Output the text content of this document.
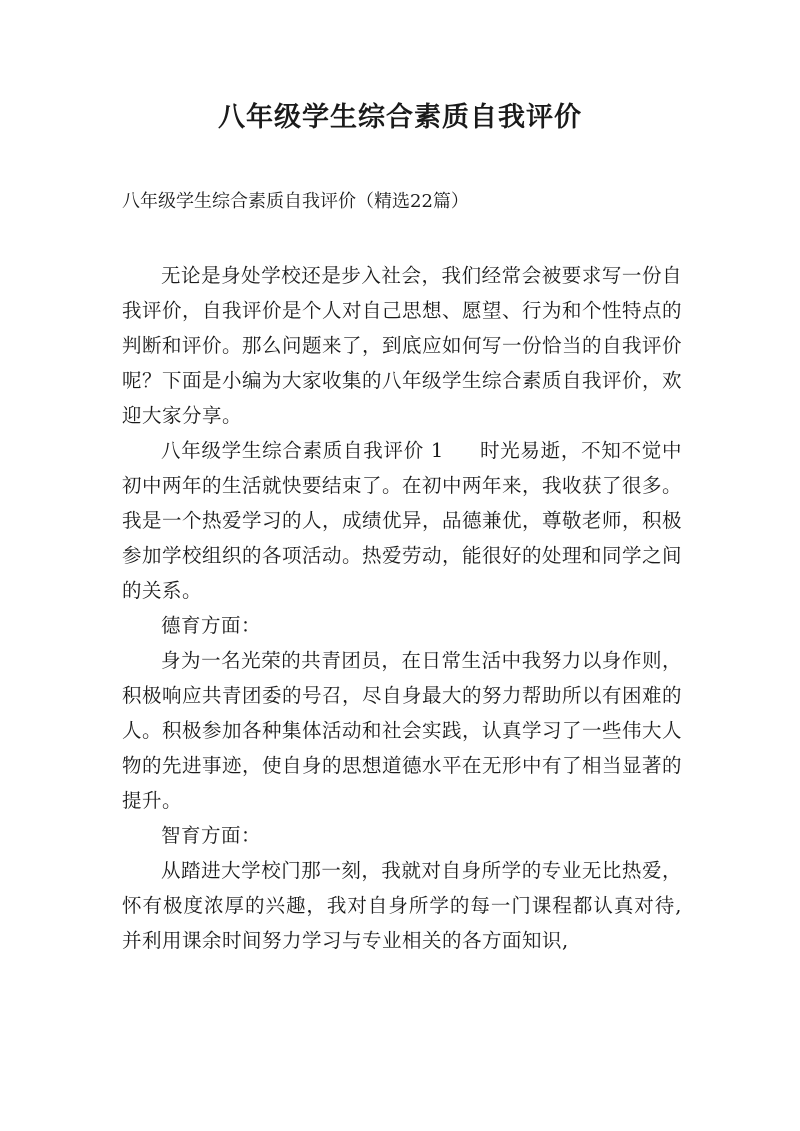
八年级学生综合素质自我评价

八年级学生综合素质自我评价（精选22篇）

无论是身处学校还是步入社会，我们经常会被要求写一份自我评价，自我评价是个人对自己思想、愿望、行为和个性特点的判断和评价。那么问题来了，到底应如何写一份恰当的自我评价呢？下面是小编为大家收集的八年级学生综合素质自我评价，欢迎大家分享。

八年级学生综合素质自我评价 1 时光易逝，不知不觉中初中两年的生活就快要结束了。在初中两年来，我收获了很多。我是一个热爱学习的人，成绩优异，品德兼优，尊敬老师，积极参加学校组织的各项活动。热爱劳动，能很好的处理和同学之间的关系。

德育方面：

身为一名光荣的共青团员，在日常生活中我努力以身作则，积极响应共青团委的号召，尽自身最大的努力帮助所以有困难的人。积极参加各种集体活动和社会实践，认真学习了一些伟大人物的先进事迹，使自身的思想道德水平在无形中有了相当显著的提升。

智育方面：

从踏进大学校门那一刻，我就对自身所学的专业无比热爱，怀有极度浓厚的兴趣，我对自身所学的每一门课程都认真对待,并利用课余时间努力学习与专业相关的各方面知识,
